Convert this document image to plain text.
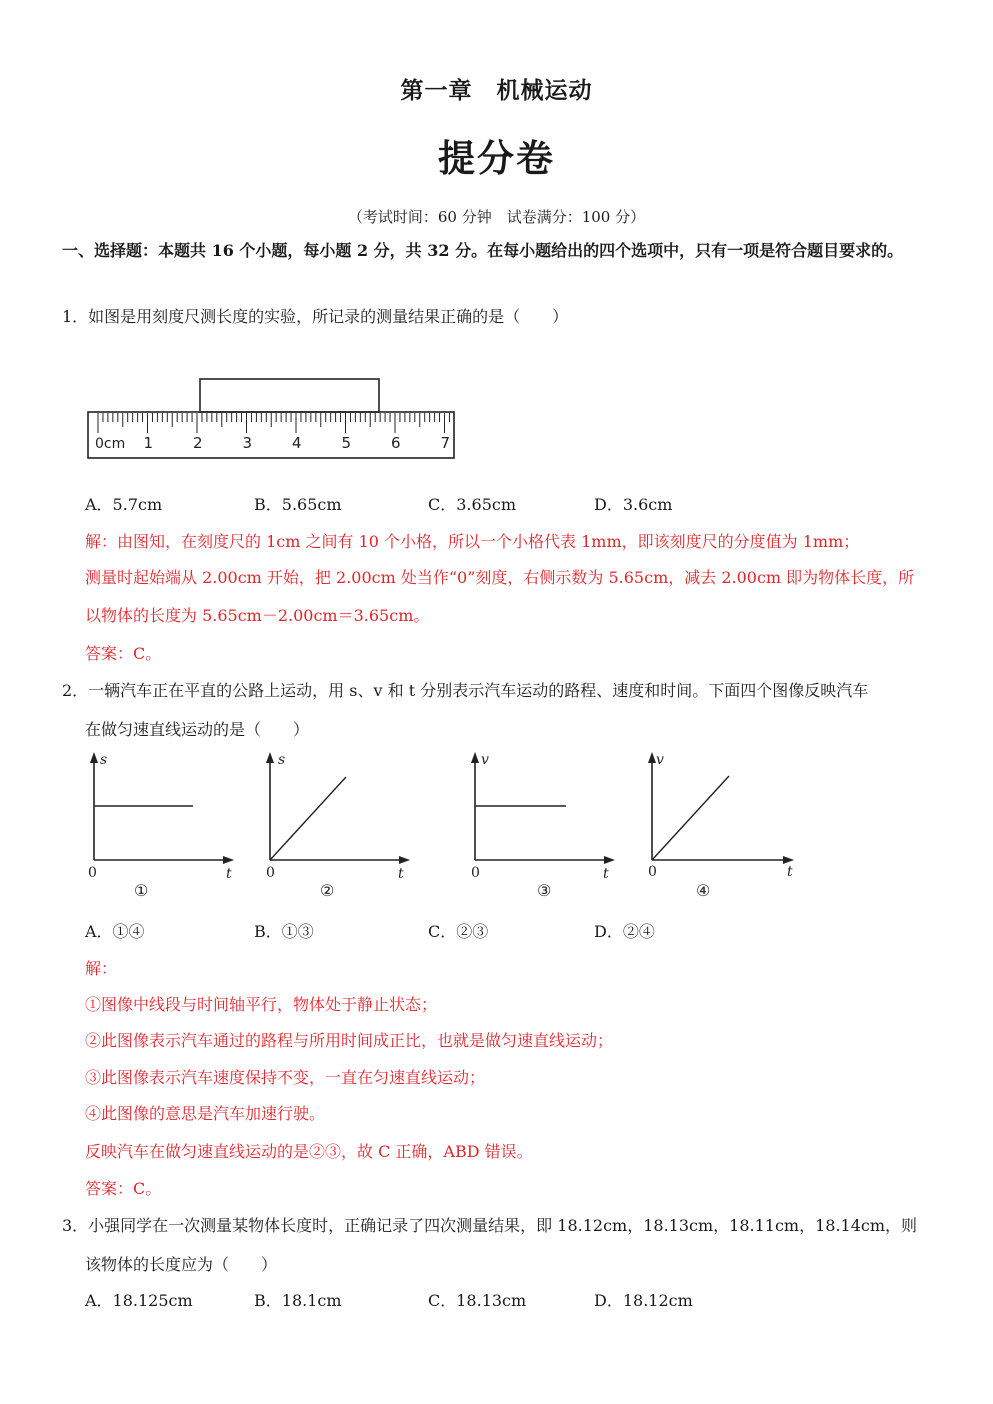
第一章　机械运动
提分卷
（考试时间：60 分钟　试卷满分：100 分）
一、选择题：本题共 16 个小题，每小题 2 分，共 32 分。在每小题给出的四个选项中，只有一项是符合题目要求的。
1．如图是用刻度尺测长度的实验，所记录的测量结果正确的是（　　）
0cm 1	2	3	4	5	6	7
A．5.7cm	B．5.65cm	C．3.65cm	D．3.6cm
解：由图知，在刻度尺的 1cm 之间有 10 个小格，所以一个小格代表 1mm，即该刻度尺的分度值为 1mm；
测量时起始端从 2.00cm 开始，把 2.00cm 处当作“0”刻度，右侧示数为 5.65cm，减去 2.00cm 即为物体长度，所
以物体的长度为 5.65cm－2.00cm＝3.65cm。
答案：C。
2．一辆汽车正在平直的公路上运动，用 s、v 和 t 分别表示汽车运动的路程、速度和时间。下面四个图像反映汽车
在做匀速直线运动的是（　　）
s
t
0
①
s
t
0
②
v
t
0
③
v
t
0
④
A．①④	B．①③	C．②③	D．②④
解：
①图像中线段与时间轴平行，物体处于静止状态；
②此图像表示汽车通过的路程与所用时间成正比，也就是做匀速直线运动；
③此图像表示汽车速度保持不变，一直在匀速直线运动；
④此图像的意思是汽车加速行驶。
反映汽车在做匀速直线运动的是②③，故 C 正确，ABD 错误。
答案：C。
3．小强同学在一次测量某物体长度时，正确记录了四次测量结果，即 18.12cm，18.13cm，18.11cm，18.14cm，则
该物体的长度应为（　　）
A．18.125cm	B．18.1cm	C．18.13cm	D．18.12cm
